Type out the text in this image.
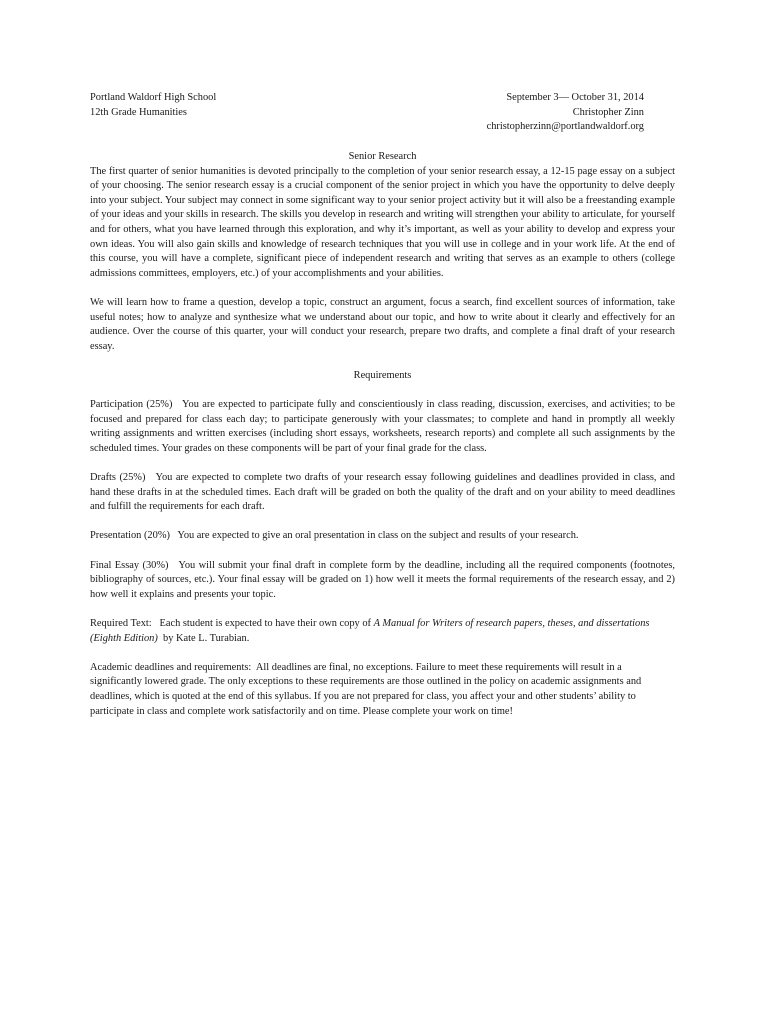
Portland Waldorf High School
12th Grade Humanities
September 3— October 31, 2014
Christopher Zinn
christopherzinn@portlandwaldorf.org
Senior Research

The first quarter of senior humanities is devoted principally to the completion of your senior research essay, a 12-15 page essay on a subject of your choosing. The senior research essay is a crucial component of the senior project in which you have the opportunity to delve deeply into your subject. Your subject may connect in some significant way to your senior project activity but it will also be a freestanding example of your ideas and your skills in research. The skills you develop in research and writing will strengthen your ability to articulate, for yourself and for others, what you have learned through this exploration, and why it’s important, as well as your ability to develop and express your own ideas. You will also gain skills and knowledge of research techniques that you will use in college and in your work life. At the end of this course, you will have a complete, significant piece of independent research and writing that serves as an example to others (college admissions committees, employers, etc.) of your accomplishments and your abilities.

We will learn how to frame a question, develop a topic, construct an argument, focus a search, find excellent sources of information, take useful notes; how to analyze and synthesize what we understand about our topic, and how to write about it clearly and effectively for an audience. Over the course of this quarter, your will conduct your research, prepare two drafts, and complete a final draft of your research essay.

Requirements

Participation (25%) You are expected to participate fully and conscientiously in class reading, discussion, exercises, and activities; to be focused and prepared for class each day; to participate generously with your classmates; to complete and hand in promptly all weekly writing assignments and written exercises (including short essays, worksheets, research reports) and complete all such assignments by the scheduled times. Your grades on these components will be part of your final grade for the class.

Drafts (25%) You are expected to complete two drafts of your research essay following guidelines and deadlines provided in class, and hand these drafts in at the scheduled times. Each draft will be graded on both the quality of the draft and on your ability to meed deadlines and fulfill the requirements for each draft.

Presentation (20%) You are expected to give an oral presentation in class on the subject and results of your research.

Final Essay (30%) You will submit your final draft in complete form by the deadline, including all the required components (footnotes, bibliography of sources, etc.). Your final essay will be graded on 1) how well it meets the formal requirements of the research essay, and 2) how well it explains and presents your topic.

Required Text: Each student is expected to have their own copy of A Manual for Writers of research papers, theses, and dissertations (Eighth Edition) by Kate L. Turabian.

Academic deadlines and requirements: All deadlines are final, no exceptions. Failure to meet these requirements will result in a significantly lowered grade. The only exceptions to these requirements are those outlined in the policy on academic assignments and deadlines, which is quoted at the end of this syllabus. If you are not prepared for class, you affect your and other students’ ability to participate in class and complete work satisfactorily and on time. Please complete your work on time!
